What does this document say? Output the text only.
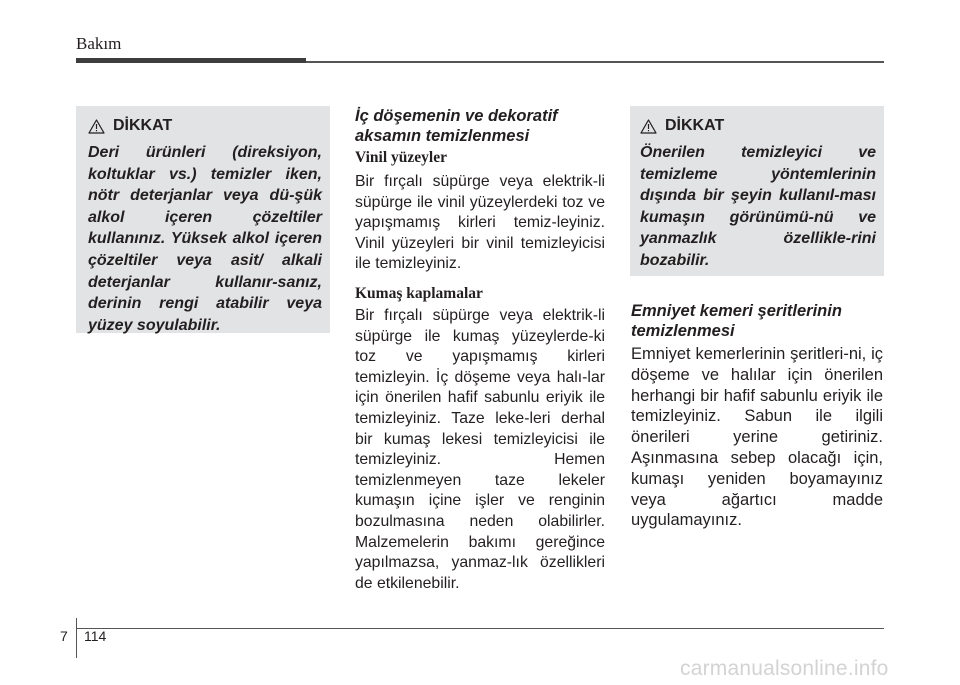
Bakım
DİKKAT
Deri ürünleri (direksiyon, koltuklar vs.) temizler iken, nötr deterjanlar veya dü-şük alkol içeren çözeltiler kullanınız. Yüksek alkol içeren çözeltiler veya asit/ alkali deterjanlar kullanır-sanız, derinin rengi atabilir veya yüzey soyulabilir.
İç döşemenin ve dekoratif aksamın temizlenmesi
Vinil yüzeyler
Bir fırçalı süpürge veya elektrik-li süpürge ile vinil yüzeylerdeki toz ve yapışmamış kirleri temiz-leyiniz. Vinil yüzeyleri bir vinil temizleyicisi ile temizleyiniz.
Kumaş kaplamalar
Bir fırçalı süpürge veya elektrik-li süpürge ile kumaş yüzeylerde-ki toz ve yapışmamış kirleri temizleyin. İç döşeme veya halı-lar için önerilen hafif sabunlu eriyik ile temizleyiniz. Taze leke-leri derhal bir kumaş lekesi temizleyicisi ile temizleyiniz. Hemen temizlenmeyen taze lekeler kumaşın içine işler ve renginin bozulmasına neden olabilirler. Malzemelerin bakımı gereğince yapılmazsa, yanmaz-lık özellikleri de etkilenebilir.
DİKKAT
Önerilen temizleyici ve temizleme yöntemlerinin dışında bir şeyin kullanıl-ması kumaşın görünümü-nü ve yanmazlık özellikle-rini bozabilir.
Emniyet kemeri şeritlerinin temizlenmesi
Emniyet kemerlerinin şeritleri-ni, iç döşeme ve halılar için önerilen herhangi bir hafif sabunlu eriyik ile temizleyiniz. Sabun ile ilgili önerileri yerine getiriniz. Aşınmasına sebep olacağı için, kumaşı yeniden boyamayınız veya ağartıcı madde uygulamayınız.
7 114
carmanualsonline.info
